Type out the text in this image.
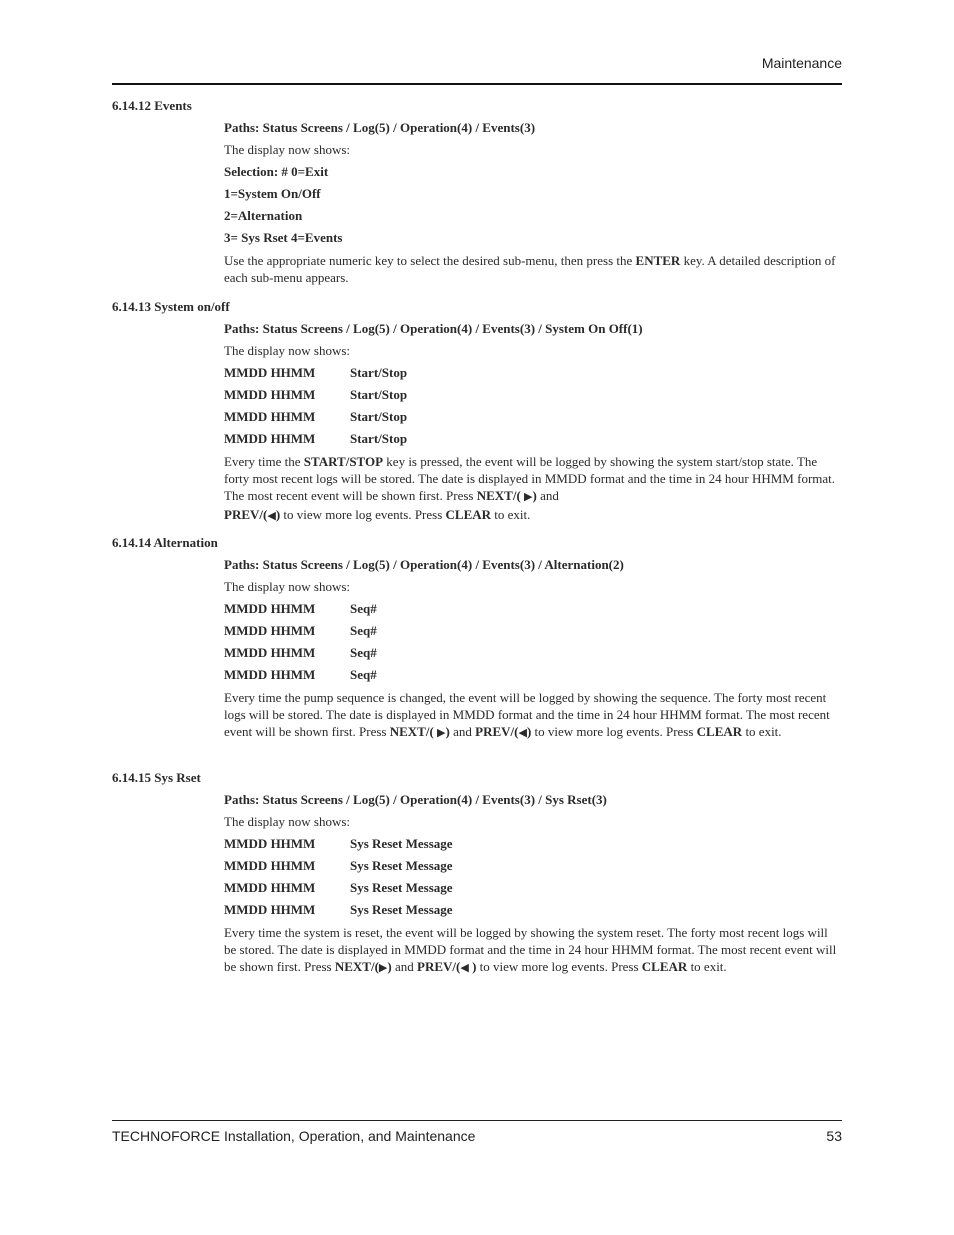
Maintenance
6.14.12 Events
Paths: Status Screens / Log(5) / Operation(4) / Events(3)
The display now shows:
Selection: # 0=Exit
1=System On/Off
2=Alternation
3= Sys Rset 4=Events
Use the appropriate numeric key to select the desired sub-menu, then press the ENTER key. A detailed description of each sub-menu appears.
6.14.13 System on/off
Paths: Status Screens / Log(5) / Operation(4) / Events(3) / System On Off(1)
The display now shows:
MMDD HHMM	Start/Stop
MMDD HHMM	Start/Stop
MMDD HHMM	Start/Stop
MMDD HHMM	Start/Stop
Every time the START/STOP key is pressed, the event will be logged by showing the system start/stop state. The forty most recent logs will be stored. The date is displayed in MMDD format and the time in 24 hour HHMM format. The most recent event will be shown first. Press NEXT/( ▶) and
PREV/(◀) to view more log events. Press CLEAR to exit.
6.14.14 Alternation
Paths: Status Screens / Log(5) / Operation(4) / Events(3) / Alternation(2)
The display now shows:
MMDD HHMM	Seq#
MMDD HHMM	Seq#
MMDD HHMM	Seq#
MMDD HHMM	Seq#
Every time the pump sequence is changed, the event will be logged by showing the sequence. The forty most recent logs will be stored. The date is displayed in MMDD format and the time in 24 hour HHMM format. The most recent event will be shown first. Press NEXT/( ▶) and PREV/(◀) to view more log events. Press CLEAR to exit.
6.14.15 Sys Rset
Paths: Status Screens / Log(5) / Operation(4) / Events(3) / Sys Rset(3)
The display now shows:
MMDD HHMM	Sys Reset Message
MMDD HHMM	Sys Reset Message
MMDD HHMM	Sys Reset Message
MMDD HHMM	Sys Reset Message
Every time the system is reset, the event will be logged by showing the system reset. The forty most recent logs will be stored. The date is displayed in MMDD format and the time in 24 hour HHMM format. The most recent event will be shown first. Press NEXT/(▶) and PREV/(◀ ) to view more log events. Press CLEAR to exit.
TECHNOFORCE Installation, Operation, and Maintenance	53
